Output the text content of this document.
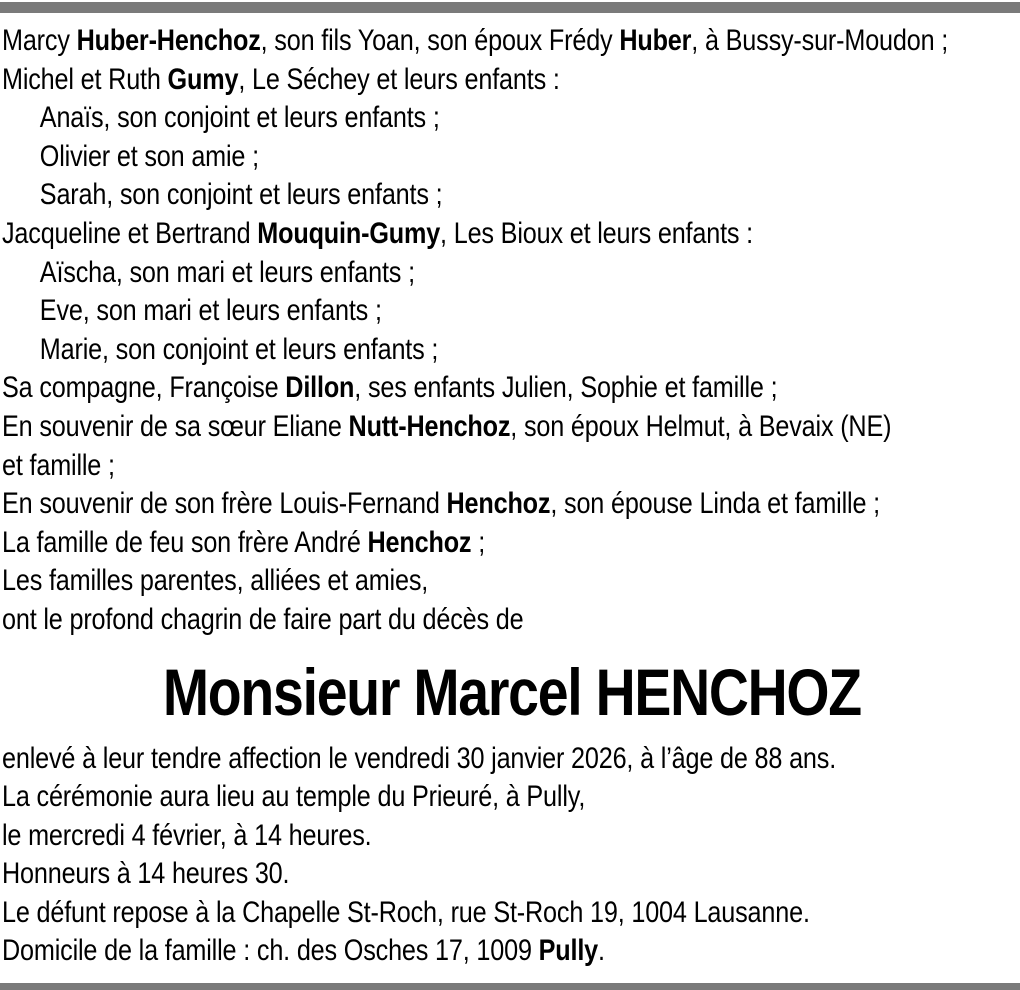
Marcy Huber-Henchoz, son fils Yoan, son époux Frédy Huber, à Bussy-sur-Moudon ;
Michel et Ruth Gumy, Le Séchey et leurs enfants :
Anaïs, son conjoint et leurs enfants ;
Olivier et son amie ;
Sarah, son conjoint et leurs enfants ;
Jacqueline et Bertrand Mouquin-Gumy, Les Bioux et leurs enfants :
Aïscha, son mari et leurs enfants ;
Eve, son mari et leurs enfants ;
Marie, son conjoint et leurs enfants ;
Sa compagne, Françoise Dillon, ses enfants Julien, Sophie et famille ;
En souvenir de sa sœur Eliane Nutt-Henchoz, son époux Helmut, à Bevaix (NE)
et famille ;
En souvenir de son frère Louis-Fernand Henchoz, son épouse Linda et famille ;
La famille de feu son frère André Henchoz ;
Les familles parentes, alliées et amies,
ont le profond chagrin de faire part du décès de
Monsieur Marcel HENCHOZ
enlevé à leur tendre affection le vendredi 30 janvier 2026, à l’âge de 88 ans.
La cérémonie aura lieu au temple du Prieuré, à Pully,
le mercredi 4 février, à 14 heures.
Honneurs à 14 heures 30.
Le défunt repose à la Chapelle St-Roch, rue St-Roch 19, 1004 Lausanne.
Domicile de la famille : ch. des Osches 17, 1009 Pully.
